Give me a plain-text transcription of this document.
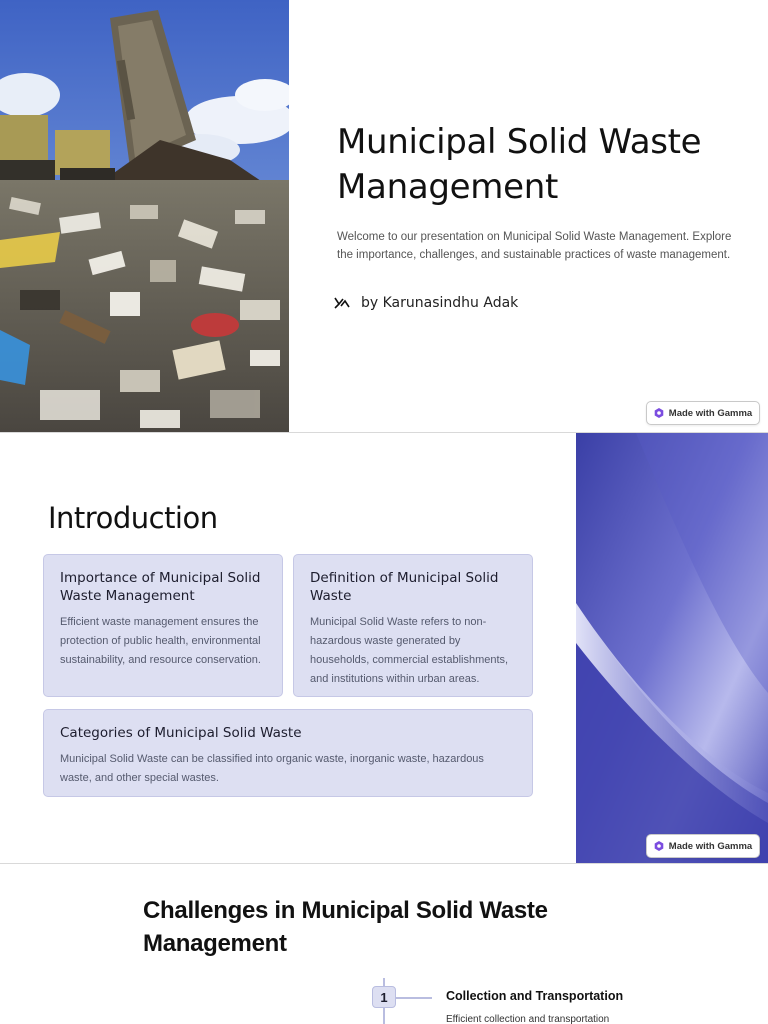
Municipal Solid Waste Management
Welcome to our presentation on Municipal Solid Waste Management. Explore the importance, challenges, and sustainable practices of waste management.
by Karunasindhu Adak
Made with Gamma
Introduction
Importance of Municipal Solid Waste Management

Efficient waste management ensures the protection of public health, environmental sustainability, and resource conservation.

Definition of Municipal Solid Waste

Municipal Solid Waste refers to non-hazardous waste generated by households, commercial establishments, and institutions within urban areas.

Categories of Municipal Solid Waste

Municipal Solid Waste can be classified into organic waste, inorganic waste, hazardous waste, and other special wastes.

Made with Gamma
Challenges in Municipal Solid Waste Management
1	Collection and Transportation
Efficient collection and transportation
